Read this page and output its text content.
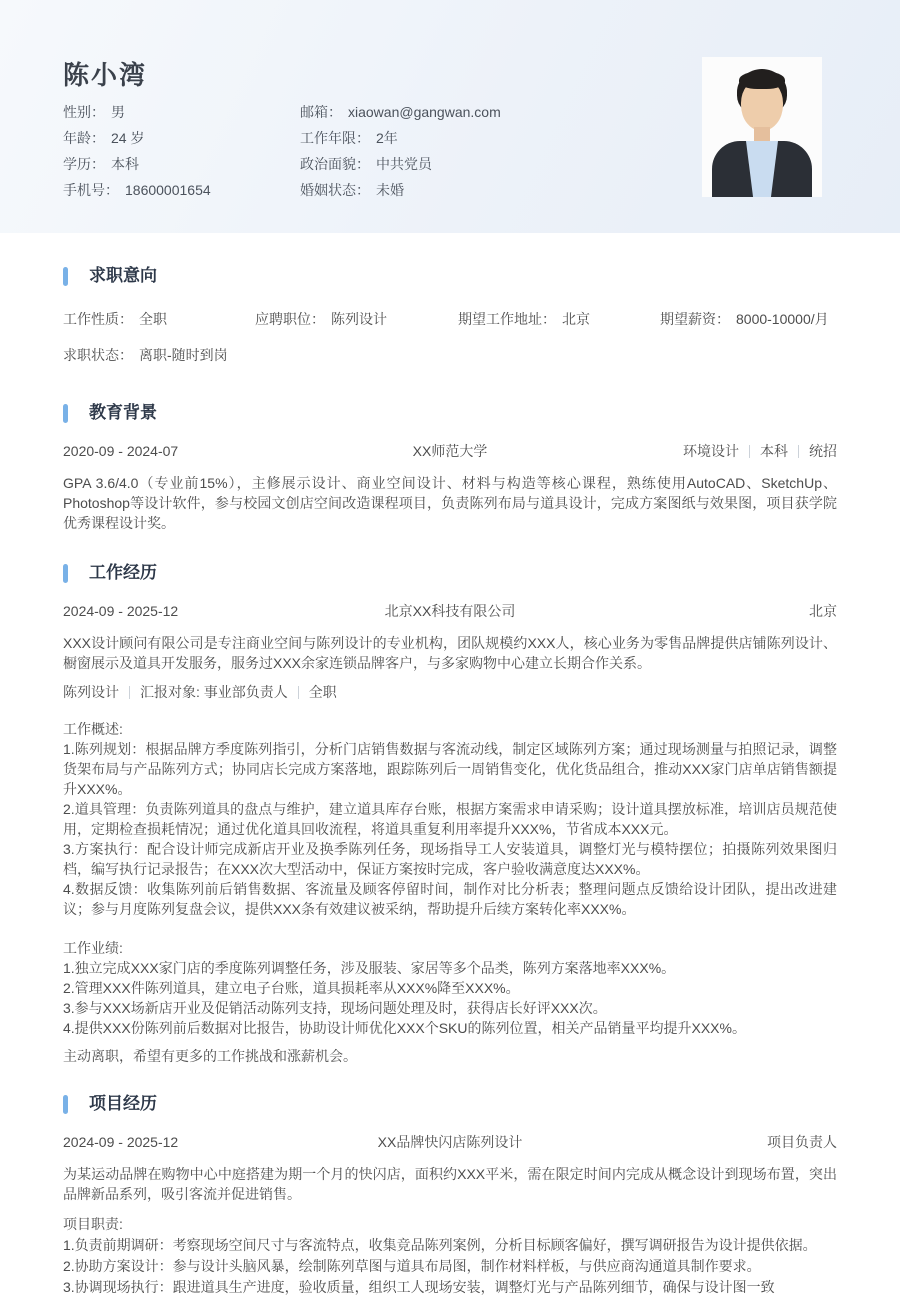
陈小湾
性别： 男
年龄： 24 岁
学历： 本科
手机号： 18600001654
邮箱： xiaowan@gangwan.com
工作年限： 2年
政治面貌： 中共党员
婚姻状态： 未婚
求职意向
工作性质： 全职	应聘职位： 陈列设计	期望工作地址： 北京	期望薪资： 8000-10000/月
求职状态： 离职-随时到岗
教育背景
2020-09 - 2024-07	XX师范大学	环境设计 本科 统招

GPA 3.6/4.0（专业前15%），主修展示设计、商业空间设计、材料与构造等核心课程，熟练使用AutoCAD、SketchUp、Photoshop等设计软件，参与校园文创店空间改造课程项目，负责陈列布局与道具设计，完成方案图纸与效果图，项目获学院优秀课程设计奖。

工作经历
2024-09 - 2025-12	北京XX科技有限公司	北京

XXX设计顾问有限公司是专注商业空间与陈列设计的专业机构，团队规模约XXX人，核心业务为零售品牌提供店铺陈列设计、橱窗展示及道具开发服务，服务过XXX余家连锁品牌客户，与多家购物中心建立长期合作关系。

陈列设计 汇报对象: 事业部负责人 全职
工作概述:
1.陈列规划：根据品牌方季度陈列指引，分析门店销售数据与客流动线，制定区域陈列方案；通过现场测量与拍照记录，调整货架布局与产品陈列方式；协同店长完成方案落地，跟踪陈列后一周销售变化，优化货品组合，推动XXX家门店单店销售额提升XXX%。
2.道具管理：负责陈列道具的盘点与维护，建立道具库存台账，根据方案需求申请采购；设计道具摆放标准，培训店员规范使用，定期检查损耗情况；通过优化道具回收流程，将道具重复利用率提升XXX%，节省成本XXX元。
3.方案执行：配合设计师完成新店开业及换季陈列任务，现场指导工人安装道具，调整灯光与模特摆位；拍摄陈列效果图归档，编写执行记录报告；在XXX次大型活动中，保证方案按时完成，客户验收满意度达XXX%。
4.数据反馈：收集陈列前后销售数据、客流量及顾客停留时间，制作对比分析表；整理问题点反馈给设计团队，提出改进建议；参与月度陈列复盘会议，提供XXX条有效建议被采纳，帮助提升后续方案转化率XXX%。
工作业绩:
1.独立完成XXX家门店的季度陈列调整任务，涉及服装、家居等多个品类，陈列方案落地率XXX%。
2.管理XXX件陈列道具，建立电子台账，道具损耗率从XXX%降至XXX%。
3.参与XXX场新店开业及促销活动陈列支持，现场问题处理及时，获得店长好评XXX次。
4.提供XXX份陈列前后数据对比报告，协助设计师优化XXX个SKU的陈列位置，相关产品销量平均提升XXX%。
主动离职，希望有更多的工作挑战和涨薪机会。
项目经历
2024-09 - 2025-12	XX品牌快闪店陈列设计	项目负责人

为某运动品牌在购物中心中庭搭建为期一个月的快闪店，面积约XXX平米，需在限定时间内完成从概念设计到现场布置，突出品牌新品系列，吸引客流并促进销售。

项目职责:
1.负责前期调研：考察现场空间尺寸与客流特点，收集竞品陈列案例，分析目标顾客偏好，撰写调研报告为设计提供依据。
2.协助方案设计：参与设计头脑风暴，绘制陈列草图与道具布局图，制作材料样板，与供应商沟通道具制作要求。
3.协调现场执行：跟进道具生产进度，验收质量，组织工人现场安装，调整灯光与产品陈列细节，确保与设计图一致
